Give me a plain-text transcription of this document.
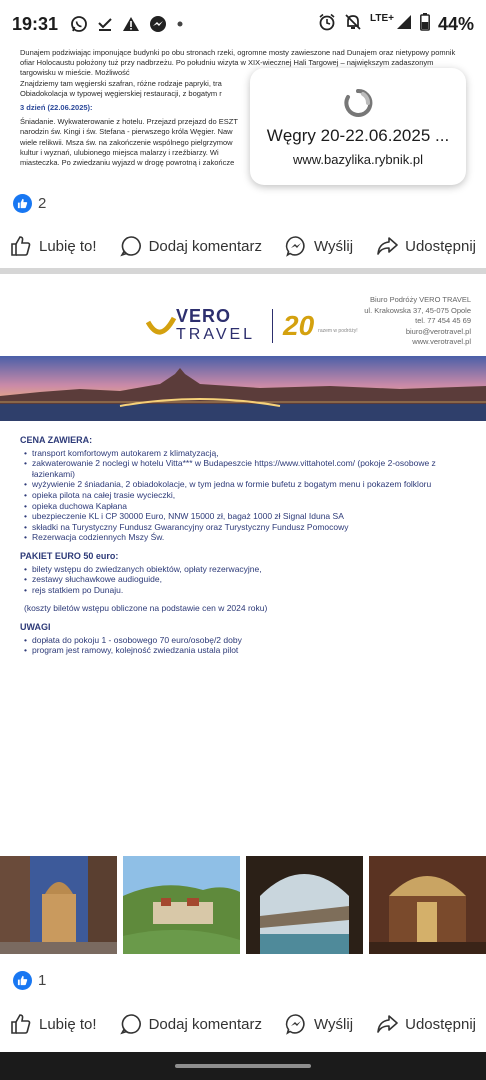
19:31	LTE+ 44%

Dunajem podziwiając imponujące budynki po obu stronach rzeki, ogromne mosty zawieszone nad Dunajem oraz nietypowy pomnik ofiar Holocaustu położony tuż przy nadbrzeżu. Po południu wizyta w XIX-wiecznej Hali Targowej – największym zadaszonym targowisku w mieście. Możliwość
Znajdziemy tam węgierski szafran, różne rodzaje papryki, tra
Obiadokolacja w typowej węgierskiej restauracji, z bogatym r

3 dzień (22.06.2025):

Śniadanie. Wykwaterowanie z hotelu. Przejazd przejazd do ESZT
narodzin św. Kingi i św. Stefana - pierwszego króla Węgier. Naw
wiele relikwii. Msza św. na zakończenie wspólnego pielgrzymow
kultur i wyznań, ulubionego miejsca malarzy i rzeźbiarzy. Wi
miasteczka. Po zwiedzaniu wyjazd w drogę powrotną i zakończe

Węgry 20-22.06.2025 ...
www.bazylika.rybnik.pl
2
Lubię to!	Dodaj komentarz	Wyślij	Udostępnij
VERO
TRAVEL 20 razem w podróży!
Biuro Podróży VERO TRAVEL
ul. Krakowska 37, 45-075 Opole
tel. 77 454 45 69
biuro@verotravel.pl
www.verotravel.pl
CENA ZAWIERA:
• transport komfortowym autokarem z klimatyzacją,
• zakwaterowanie 2 noclegi w hotelu Vitta*** w Budapeszcie https://www.vittahotel.com/ (pokoje 2-osobowe z łazienkami)
• wyżywienie 2 śniadania, 2 obiadokolacje, w tym jedna w formie bufetu z bogatym menu i pokazem folkloru
• opieka pilota na całej trasie wycieczki,
• opieka duchowa Kapłana
• ubezpieczenie KL i CP 30000 Euro, NNW 15000 zł, bagaż 1000 zł Signal Iduna SA
• składki na Turystyczny Fundusz Gwarancyjny oraz Turystyczny Fundusz Pomocowy
• Rezerwacja codziennych Mszy Św.
PAKIET EURO 50 euro:
• bilety wstępu do zwiedzanych obiektów, opłaty rezerwacyjne,
• zestawy słuchawkowe audioguide,
• rejs statkiem po Dunaju.
(koszty biletów wstępu obliczone na podstawie cen w 2024 roku)
UWAGI
• dopłata do pokoju 1 - osobowego 70 euro/osobę/2 doby
• program jest ramowy, kolejność zwiedzania ustala pilot
1
Lubię to!	Dodaj komentarz	Wyślij	Udostępnij
